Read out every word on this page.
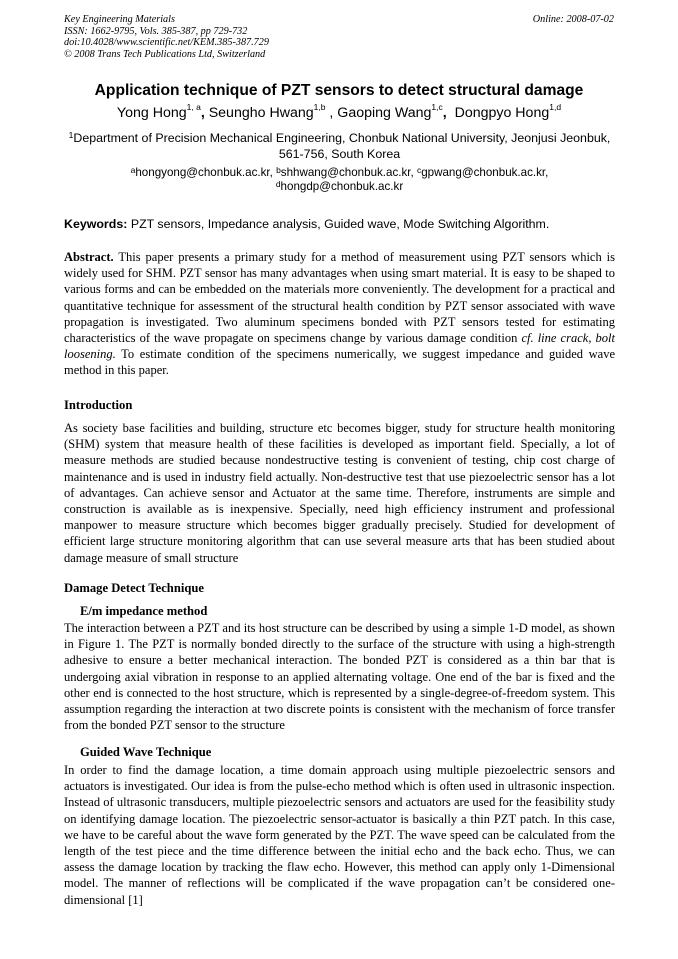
Key Engineering Materials
ISSN: 1662-9795, Vols. 385-387, pp 729-732
doi:10.4028/www.scientific.net/KEM.385-387.729
© 2008 Trans Tech Publications Ltd, Switzerland
Online: 2008-07-02
Application technique of PZT sensors to detect structural damage
Yong Hong$^{1, a}$, Seungho Hwang$^{1,b}$ , Gaoping Wang$^{1,c}$,  Dongpyo Hong$^{1,d}$
$^1$Department of Precision Mechanical Engineering, Chonbuk National University, Jeonjusi Jeonbuk, 561-756, South Korea
$^a$hongyong@chonbuk.ac.kr, $^b$shhwang@chonbuk.ac.kr, $^c$gpwang@chonbuk.ac.kr,
$^d$hongdp@chonbuk.ac.kr
Keywords: PZT sensors, Impedance analysis, Guided wave, Mode Switching Algorithm.
Abstract. This paper presents a primary study for a method of measurement using PZT sensors which is widely used for SHM. PZT sensor has many advantages when using smart material. It is easy to be shaped to various forms and can be embedded on the materials more conveniently. The development for a practical and quantitative technique for assessment of the structural health condition by PZT sensor associated with wave propagation is investigated. Two aluminum specimens bonded with PZT sensors tested for estimating characteristics of the wave propagate on specimens change by various damage condition cf. line crack, bolt loosening. To estimate condition of the specimens numerically, we suggest impedance and guided wave method in this paper.
Introduction
As society base facilities and building, structure etc becomes bigger, study for structure health monitoring (SHM) system that measure health of these facilities is developed as important field. Specially, a lot of measure methods are studied because nondestructive testing is convenient of testing, chip cost charge of maintenance and is used in industry field actually. Non-destructive test that use piezoelectric sensor has a lot of advantages. Can achieve sensor and Actuator at the same time. Therefore, instruments are simple and construction is available as is inexpensive. Specially, need high efficiency instrument and professional manpower to measure structure which becomes bigger gradually precisely. Studied for development of efficient large structure monitoring algorithm that can use several measure arts that has been studied about damage measure of small structure
Damage Detect Technique
E/m impedance method
The interaction between a PZT and its host structure can be described by using a simple 1-D model, as shown in Figure 1. The PZT is normally bonded directly to the surface of the structure with using a high-strength adhesive to ensure a better mechanical interaction. The bonded PZT is considered as a thin bar that is undergoing axial vibration in response to an applied alternating voltage. One end of the bar is fixed and the other end is connected to the host structure, which is represented by a single-degree-of-freedom system. This assumption regarding the interaction at two discrete points is consistent with the mechanism of force transfer from the bonded PZT sensor to the structure
Guided Wave Technique
In order to find the damage location, a time domain approach using multiple piezoelectric sensors and actuators is investigated. Our idea is from the pulse-echo method which is often used in ultrasonic inspection. Instead of ultrasonic transducers, multiple piezoelectric sensors and actuators are used for the feasibility study on identifying damage location. The piezoelectric sensor-actuator is basically a thin PZT patch. In this case, we have to be careful about the wave form generated by the PZT. The wave speed can be calculated from the length of the test piece and the time difference between the initial echo and the back echo. Thus, we can assess the damage location by tracking the flaw echo. However, this method can apply only 1-Dimensional model. The manner of reflections will be complicated if the wave propagation can’t be considered one-dimensional [1]
